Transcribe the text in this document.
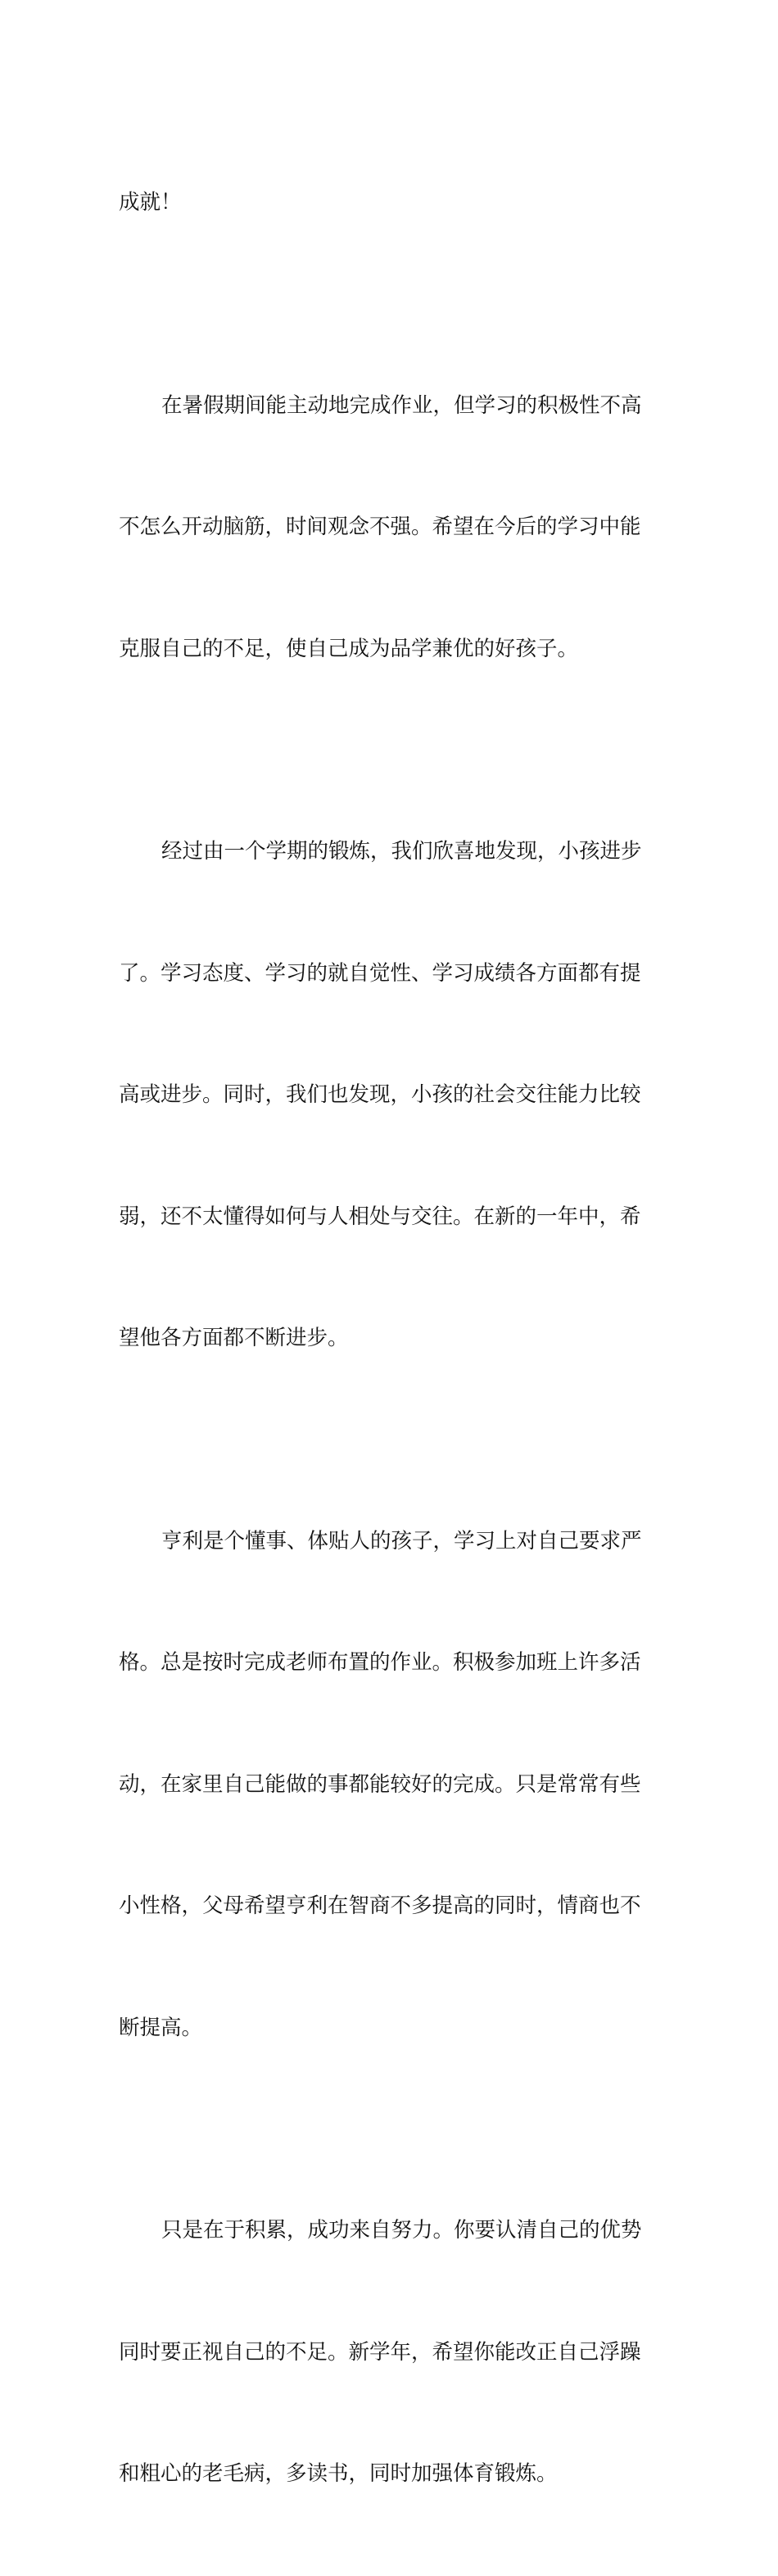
成就！

在暑假期间能主动地完成作业，但学习的积极性不高

不怎么开动脑筋，时间观念不强。希望在今后的学习中能

克服自己的不足，使自己成为品学兼优的好孩子。

经过由一个学期的锻炼，我们欣喜地发现，小孩进步

了。学习态度、学习的就自觉性、学习成绩各方面都有提

高或进步。同时，我们也发现，小孩的社会交往能力比较

弱，还不太懂得如何与人相处与交往。在新的一年中，希

望他各方面都不断进步。

亨利是个懂事、体贴人的孩子，学习上对自己要求严

格。总是按时完成老师布置的作业。积极参加班上许多活

动，在家里自己能做的事都能较好的完成。只是常常有些

小性格，父母希望亨利在智商不多提高的同时，情商也不

断提高。

只是在于积累，成功来自努力。你要认清自己的优势

同时要正视自己的不足。新学年，希望你能改正自己浮躁

和粗心的老毛病，多读书，同时加强体育锻炼。
